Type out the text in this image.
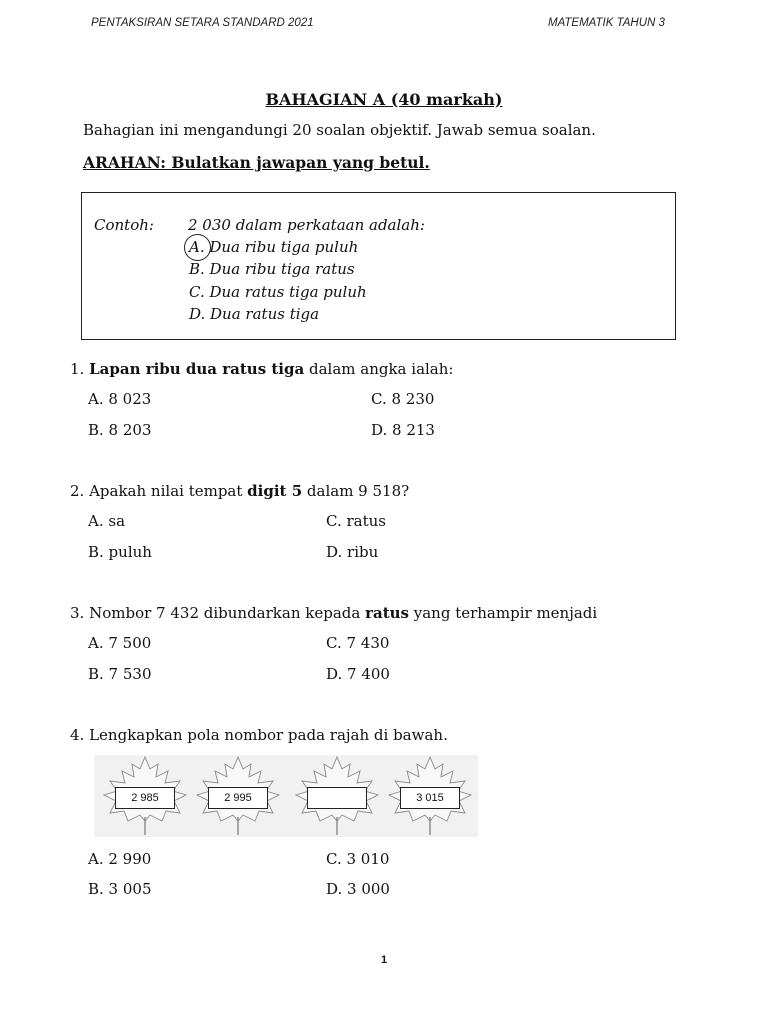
PENTAKSIRAN SETARA STANDARD 2021	MATEMATIK TAHUN 3
BAHAGIAN A (40 markah)
Bahagian ini mengandungi 20 soalan objektif. Jawab semua soalan.
ARAHAN: Bulatkan jawapan yang betul.
Contoh: 2 030 dalam perkataan adalah:
A. Dua ribu tiga puluh
B. Dua ribu tiga ratus
C. Dua ratus tiga puluh
D. Dua ratus tiga
1. Lapan ribu dua ratus tiga dalam angka ialah:
A. 8 023
B. 8 203
C. 8 230
D. 8 213
2. Apakah nilai tempat digit 5 dalam 9 518?
A. sa
B. puluh
C. ratus
D. ribu
3. Nombor 7 432 dibundarkan kepada ratus yang terhampir menjadi
A. 7 500
B. 7 530
C. 7 430
D. 7 400
4. Lengkapkan pola nombor pada rajah di bawah.
A. 2 990
B. 3 005
C. 3 010
D. 3 000
2 985	2 995	3 015
1
